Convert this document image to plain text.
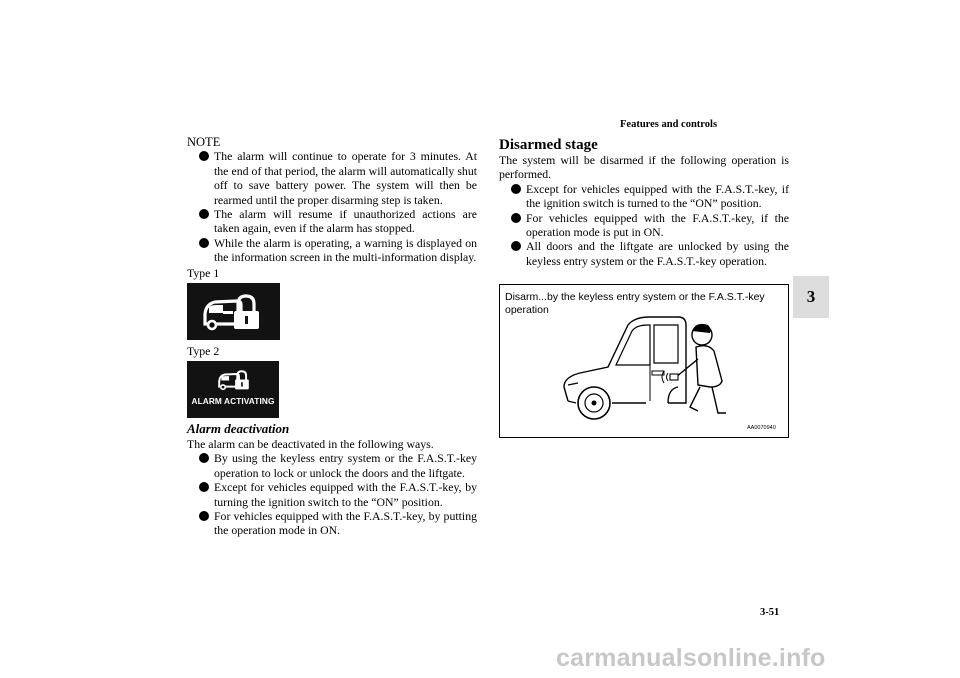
Features and controls
3
NOTE
The alarm will continue to operate for 3 minutes. At the end of that period, the alarm will automatically shut off to save battery power. The system will then be rearmed until the proper disarming step is taken.
The alarm will resume if unauthorized actions are taken again, even if the alarm has stopped.
While the alarm is operating, a warning is displayed on the information screen in the multi-information display.
Type 1
Type 2
ALARM ACTIVATING
Alarm deactivation
The alarm can be deactivated in the following ways.
By using the keyless entry system or the F.A.S.T.-key operation to lock or unlock the doors and the liftgate.
Except for vehicles equipped with the F.A.S.T.-key, by turning the ignition switch to the “ON” position.
For vehicles equipped with the F.A.S.T.-key, by putting the operation mode in ON.
Disarmed stage
The system will be disarmed if the following operation is performed.
Except for vehicles equipped with the F.A.S.T.-key, if the ignition switch is turned to the “ON” position.
For vehicles equipped with the F.A.S.T.-key, if the operation mode is put in ON.
All doors and the liftgate are unlocked by using the keyless entry system or the F.A.S.T.-key operation.
Disarm...by the keyless entry system or the F.A.S.T.-key operation
AA0070940
3-51
carmanualsonline.info
